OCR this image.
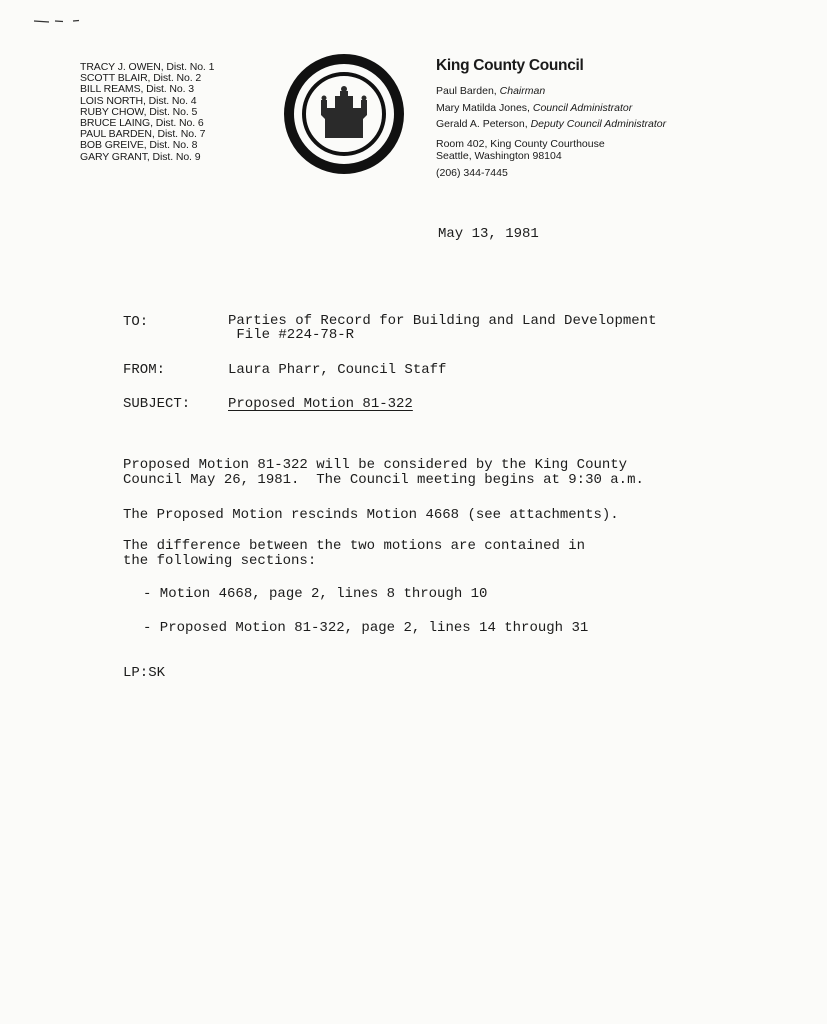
TRACY J. OWEN, Dist. No. 1
SCOTT BLAIR, Dist. No. 2
BILL REAMS, Dist. No. 3
LOIS NORTH, Dist. No. 4
RUBY CHOW, Dist. No. 5
BRUCE LAING, Dist. No. 6
PAUL BARDEN, Dist. No. 7
BOB GREIVE, Dist. No. 8
GARY GRANT, Dist. No. 9
King County Council
Paul Barden, Chairman
Mary Matilda Jones, Council Administrator
Gerald A. Peterson, Deputy Council Administrator
Room 402, King County Courthouse
Seattle, Washington 98104
(206) 344-7445
May 13, 1981
TO:	Parties of Record for Building and Land Development
File #224-78-R
FROM:	Laura Pharr, Council Staff
SUBJECT:	Proposed Motion 81-322
Proposed Motion 81-322 will be considered by the King County
Council May 26, 1981.  The Council meeting begins at 9:30 a.m.
The Proposed Motion rescinds Motion 4668 (see attachments).
The difference between the two motions are contained in
the following sections:
- Motion 4668, page 2, lines 8 through 10
- Proposed Motion 81-322, page 2, lines 14 through 31
LP:SK
